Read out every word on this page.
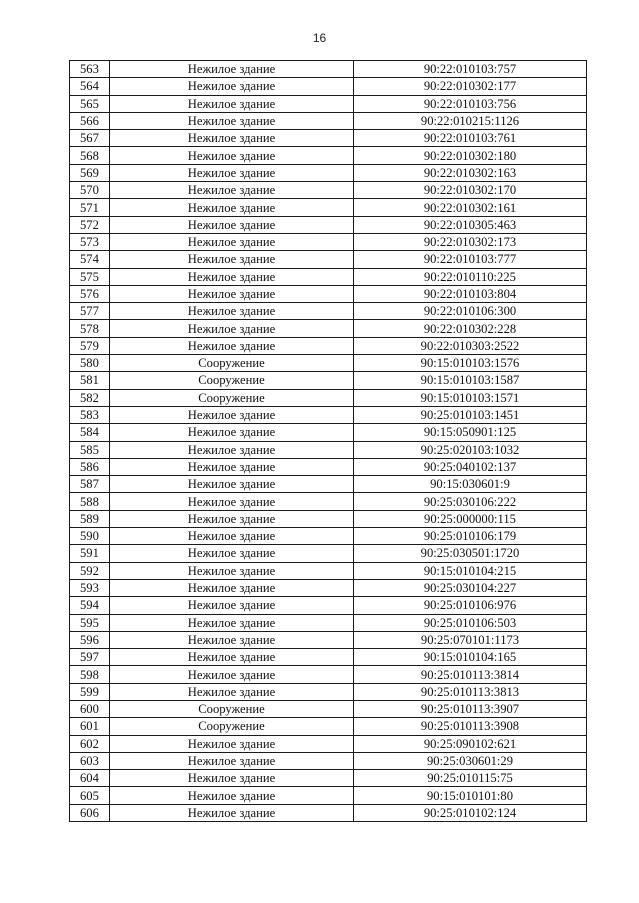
16
563	Нежилое здание	90:22:010103:757
564	Нежилое здание	90:22:010302:177
565	Нежилое здание	90:22:010103:756
566	Нежилое здание	90:22:010215:1126
567	Нежилое здание	90:22:010103:761
568	Нежилое здание	90:22:010302:180
569	Нежилое здание	90:22:010302:163
570	Нежилое здание	90:22:010302:170
571	Нежилое здание	90:22:010302:161
572	Нежилое здание	90:22:010305:463
573	Нежилое здание	90:22:010302:173
574	Нежилое здание	90:22:010103:777
575	Нежилое здание	90:22:010110:225
576	Нежилое здание	90:22:010103:804
577	Нежилое здание	90:22:010106:300
578	Нежилое здание	90:22:010302:228
579	Нежилое здание	90:22:010303:2522
580	Сооружение	90:15:010103:1576
581	Сооружение	90:15:010103:1587
582	Сооружение	90:15:010103:1571
583	Нежилое здание	90:25:010103:1451
584	Нежилое здание	90:15:050901:125
585	Нежилое здание	90:25:020103:1032
586	Нежилое здание	90:25:040102:137
587	Нежилое здание	90:15:030601:9
588	Нежилое здание	90:25:030106:222
589	Нежилое здание	90:25:000000:115
590	Нежилое здание	90:25:010106:179
591	Нежилое здание	90:25:030501:1720
592	Нежилое здание	90:15:010104:215
593	Нежилое здание	90:25:030104:227
594	Нежилое здание	90:25:010106:976
595	Нежилое здание	90:25:010106:503
596	Нежилое здание	90:25:070101:1173
597	Нежилое здание	90:15:010104:165
598	Нежилое здание	90:25:010113:3814
599	Нежилое здание	90:25:010113:3813
600	Сооружение	90:25:010113:3907
601	Сооружение	90:25:010113:3908
602	Нежилое здание	90:25:090102:621
603	Нежилое здание	90:25:030601:29
604	Нежилое здание	90:25:010115:75
605	Нежилое здание	90:15:010101:80
606	Нежилое здание	90:25:010102:124
